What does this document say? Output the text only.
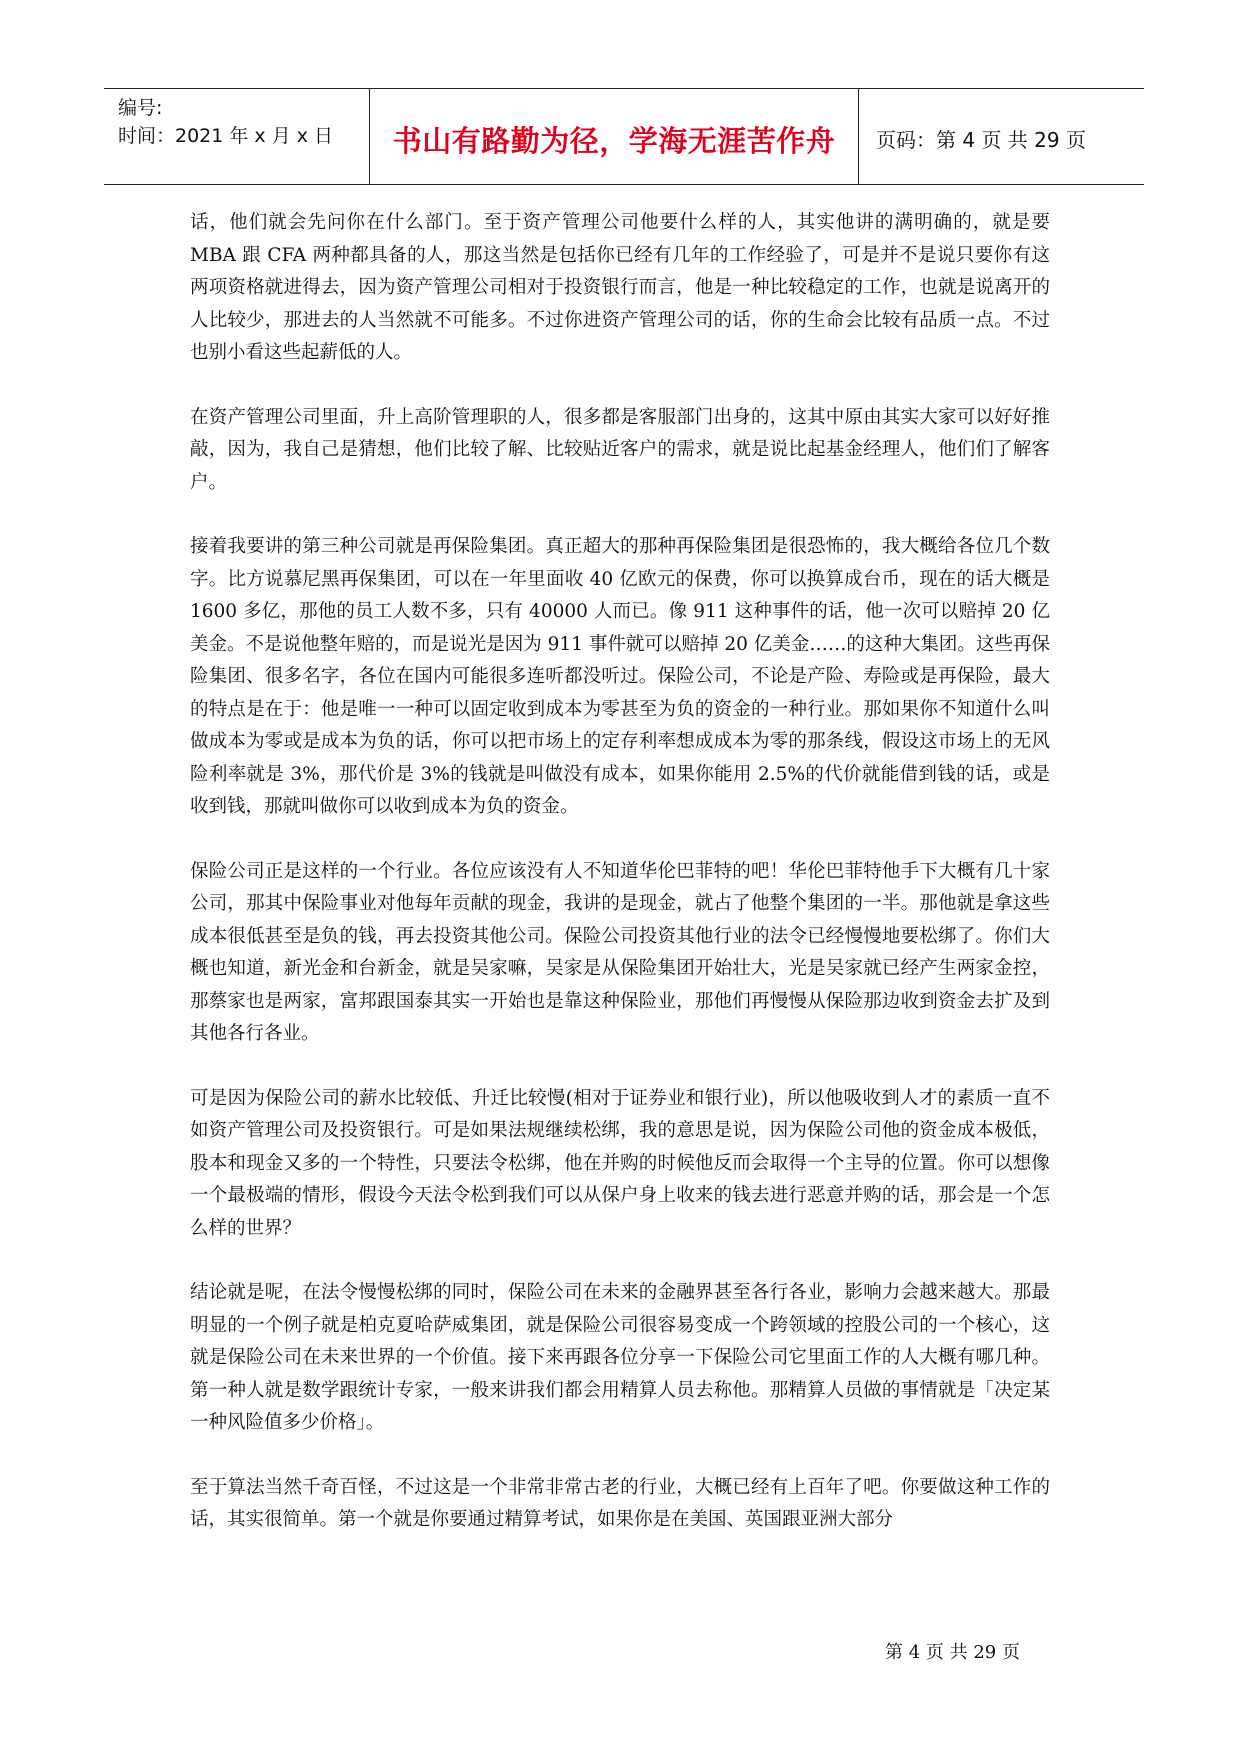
编号:
时间：2021 年 x 月 x 日	书山有路勤为径，学海无涯苦作舟	页码：第 4 页 共 29 页

话，他们就会先问你在什么部门。至于资产管理公司他要什么样的人，其实他讲的满明确的，就是要 MBA 跟 CFA 两种都具备的人，那这当然是包括你已经有几年的工作经验了，可是并不是说只要你有这两项资格就进得去，因为资产管理公司相对于投资银行而言，他是一种比较稳定的工作，也就是说离开的人比较少，那进去的人当然就不可能多。不过你进资产管理公司的话，你的生命会比较有品质一点。不过也别小看这些起薪低的人。

在资产管理公司里面，升上高阶管理职的人，很多都是客服部门出身的，这其中原由其实大家可以好好推敲，因为，我自己是猜想，他们比较了解、比较贴近客户的需求，就是说比起基金经理人，他们们了解客户。

接着我要讲的第三种公司就是再保险集团。真正超大的那种再保险集团是很恐怖的，我大概给各位几个数字。比方说慕尼黑再保集团，可以在一年里面收 40 亿欧元的保费，你可以换算成台币，现在的话大概是 1600 多亿，那他的员工人数不多，只有 40000 人而已。像 911 这种事件的话，他一次可以赔掉 20 亿美金。不是说他整年赔的，而是说光是因为 911 事件就可以赔掉 20 亿美金……的这种大集团。这些再保险集团、很多名字，各位在国内可能很多连听都没听过。保险公司，不论是产险、寿险或是再保险，最大的特点是在于：他是唯一一种可以固定收到成本为零甚至为负的资金的一种行业。那如果你不知道什么叫做成本为零或是成本为负的话，你可以把市场上的定存利率想成成本为零的那条线，假设这市场上的无风险利率就是 3%，那代价是 3%的钱就是叫做没有成本，如果你能用 2.5%的代价就能借到钱的话，或是收到钱，那就叫做你可以收到成本为负的资金。

保险公司正是这样的一个行业。各位应该没有人不知道华伦巴菲特的吧！华伦巴菲特他手下大概有几十家公司，那其中保险事业对他每年贡献的现金，我讲的是现金，就占了他整个集团的一半。那他就是拿这些成本很低甚至是负的钱，再去投资其他公司。保险公司投资其他行业的法令已经慢慢地要松绑了。你们大概也知道，新光金和台新金，就是吴家嘛，吴家是从保险集团开始壮大，光是吴家就已经产生两家金控，那蔡家也是两家，富邦跟国泰其实一开始也是靠这种保险业，那他们再慢慢从保险那边收到资金去扩及到其他各行各业。

可是因为保险公司的薪水比较低、升迁比较慢(相对于证券业和银行业)，所以他吸收到人才的素质一直不如资产管理公司及投资银行。可是如果法规继续松绑，我的意思是说，因为保险公司他的资金成本极低，股本和现金又多的一个特性，只要法令松绑，他在并购的时候他反而会取得一个主导的位置。你可以想像一个最极端的情形，假设今天法令松到我们可以从保户身上收来的钱去进行恶意并购的话，那会是一个怎么样的世界？

结论就是呢，在法令慢慢松绑的同时，保险公司在未来的金融界甚至各行各业，影响力会越来越大。那最明显的一个例子就是柏克夏哈萨威集团，就是保险公司很容易变成一个跨领域的控股公司的一个核心，这就是保险公司在未来世界的一个价值。接下来再跟各位分享一下保险公司它里面工作的人大概有哪几种。第一种人就是数学跟统计专家，一般来讲我们都会用精算人员去称他。那精算人员做的事情就是「决定某一种风险值多少价格」。

至于算法当然千奇百怪，不过这是一个非常非常古老的行业，大概已经有上百年了吧。你要做这种工作的话，其实很简单。第一个就是你要通过精算考试，如果你是在美国、英国跟亚洲大部分

第 4 页 共 29 页
